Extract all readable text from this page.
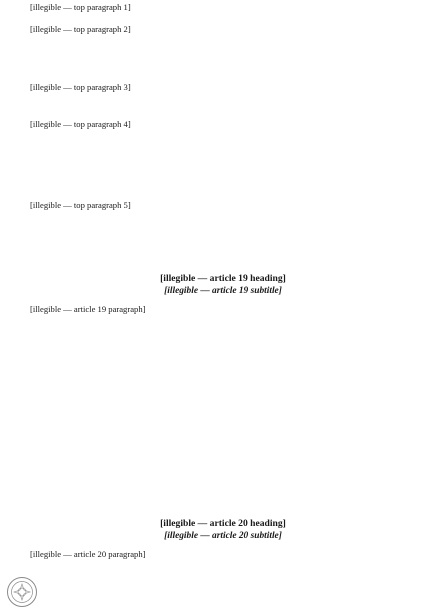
[illegible — top paragraph 1]

[illegible — top paragraph 2]

[illegible — top paragraph 3]

[illegible — top paragraph 4]

[illegible — top paragraph 5]

[illegible — article 19 heading]

[illegible — article 19 subtitle]

[illegible — article 19 paragraph]

[illegible — article 20 heading]

[illegible — article 20 subtitle]

[illegible — article 20 paragraph]
